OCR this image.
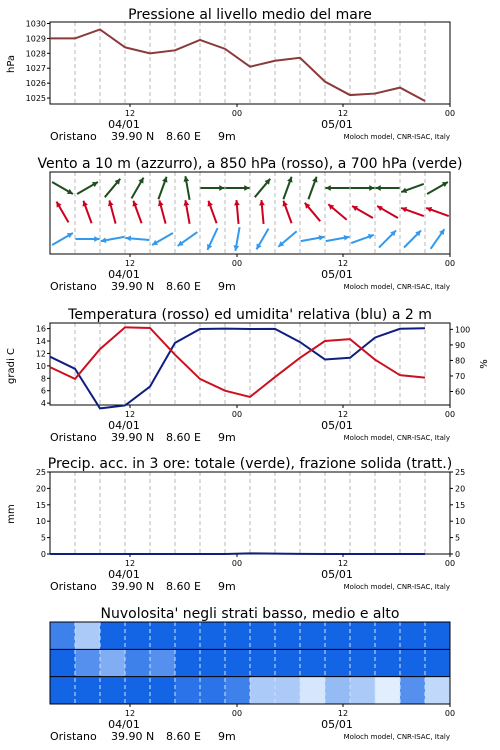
Pressione al livello medio del mare
Vento a 10 m (azzurro), a 850 hPa (rosso), a 700 hPa (verde)
Temperatura (rosso) ed umidita' relativa (blu) a 2 m
Precip. acc. in 3 ore: totale (verde), frazione solida (tratt.)
Nuvolosita' negli strati basso, medio e alto
hPa
gradi C	%
mm
1025
1026
1027
1028
1029
1030
12	00	12	00
04/01	05/01
Oristano 39.90 N 8.60 E 9m	Moloch model, CNR-ISAC, Italy
12	00	12	00
04/01	05/01
Oristano 39.90 N 8.60 E 9m	Moloch model, CNR-ISAC, Italy
4
6
8
10
12
14
16
60
70
80
90
100
12	00	12	00
04/01	05/01
Oristano 39.90 N 8.60 E 9m	Moloch model, CNR-ISAC, Italy
0	0
5	5
10	10
15	15
20	20
25	25
12	00	12	00
04/01	05/01
Oristano 39.90 N 8.60 E 9m	Moloch model, CNR-ISAC, Italy
12	00	12	00
04/01	05/01
Oristano 39.90 N 8.60 E 9m	Moloch model, CNR-ISAC, Italy
